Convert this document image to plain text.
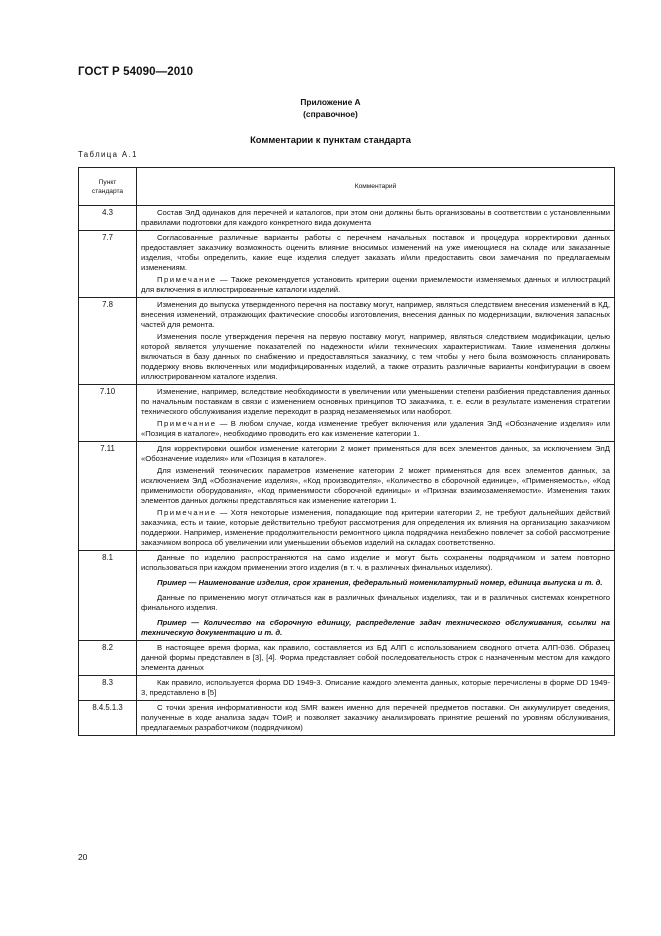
ГОСТ Р 54090—2010
Приложение А
(справочное)
Комментарии к пунктам стандарта
Таблица А.1
Пункт стандарта	Комментарий
4.3	Состав ЭлД одинаков для перечней и каталогов, при этом они должны быть организованы в соответствии с установленными правилами подготовки для каждого конкретного вида документа

7.7	Согласованные различные варианты работы с перечнем начальных поставок и процедура корректировки данных предоставляет заказчику возможность оценить влияние вносимых изменений на уже имеющиеся на складе или заказанные изделия, чтобы определить, какие еще изделия следует заказать и/или предоставить свои замечания по предлагаемым изменениям.

Примечание — Также рекомендуется установить критерии оценки приемлемости изменяемых данных и иллюстраций для включения в иллюстрированные каталоги изделий.

7.8	Изменения до выпуска утвержденного перечня на поставку могут, например, являться следствием внесения изменений в КД, внесения изменений, отражающих фактические способы изготовления, внесения данных по модернизации, включения запасных частей для ремонта.

Изменения после утверждения перечня на первую поставку могут, например, являться следствием модификации, целью которой является улучшение показателей по надежности и/или технических характеристикам. Такие изменения должны включаться в базу данных по снабжению и предоставляться заказчику, с тем чтобы у него была возможность спланировать поддержку вновь включенных или модифицированных изделий, а также отразить различные варианты конфигурации в своем иллюстрированном каталоге изделия.

7.10	Изменение, например, вследствие необходимости в увеличении или уменьшении степени разбиения представления данных по начальным поставкам в связи с изменением основных принципов ТО заказчика, т. е. если в результате изменения стратегии технического обслуживания изделие переходит в разряд незаменяемых или наоборот.

Примечание — В любом случае, когда изменение требует включения или удаления ЭлД «Обозначение изделия» или «Позиция в каталоге», необходимо проводить его как изменение категории 1.

7.11	Для корректировки ошибок изменение категории 2 может применяться для всех элементов данных, за исключением ЭлД «Обозначение изделия» или «Позиция в каталоге».

Для изменений технических параметров изменение категории 2 может применяться для всех элементов данных, за исключением ЭлД «Обозначение изделия», «Код производителя», «Количество в сборочной единице», «Применяемость», «Код применимости оборудования», «Код применимости сборочной единицы» и «Признак взаимозаменяемости». Изменения таких элементов данных должны представляться как изменение категории 1.

Примечание — Хотя некоторые изменения, попадающие под критерии категории 2, не требуют дальнейших действий заказчика, есть и такие, которые действительно требуют рассмотрения для определения их влияния на организацию заказчиком поддержки. Например, изменение продолжительности ремонтного цикла подрядчика неизбежно повлечет за собой рассмотрение заказчиком вопроса об увеличении или уменьшении объемов изделий на складах соответственно.

8.1	Данные по изделию распространяются на само изделие и могут быть сохранены подрядчиком и затем повторно использоваться при каждом применении этого изделия (в т. ч. в различных финальных изделиях).

Пример — Наименование изделия, срок хранения, федеральный номенклатурный номер, единица выпуска и т. д.

Данные по применению могут отличаться как в различных финальных изделиях, так и в различных системах конкретного финального изделия.

Пример — Количество на сборочную единицу, распределение задач технического обслуживания, ссылки на техническую документацию и т. д.

8.2	В настоящее время форма, как правило, составляется из БД АЛП с использованием сводного отчета АЛП-036. Образец данной формы представлен в [3], [4]. Форма представляет собой последовательность строк с назначенным местом для каждого элемента данных

8.3	Как правило, используется форма DD 1949-3. Описание каждого элемента данных, которые перечислены в форме DD 1949-3, представлено в [5]

8.4.5.1.3	С точки зрения информативности код SMR важен именно для перечней предметов поставки. Он аккумулирует сведения, полученные в ходе анализа задач ТОиР, и позволяет заказчику анализировать принятие решений по уровням обслуживания, предлагаемых разработчиком (подрядчиком)

20
